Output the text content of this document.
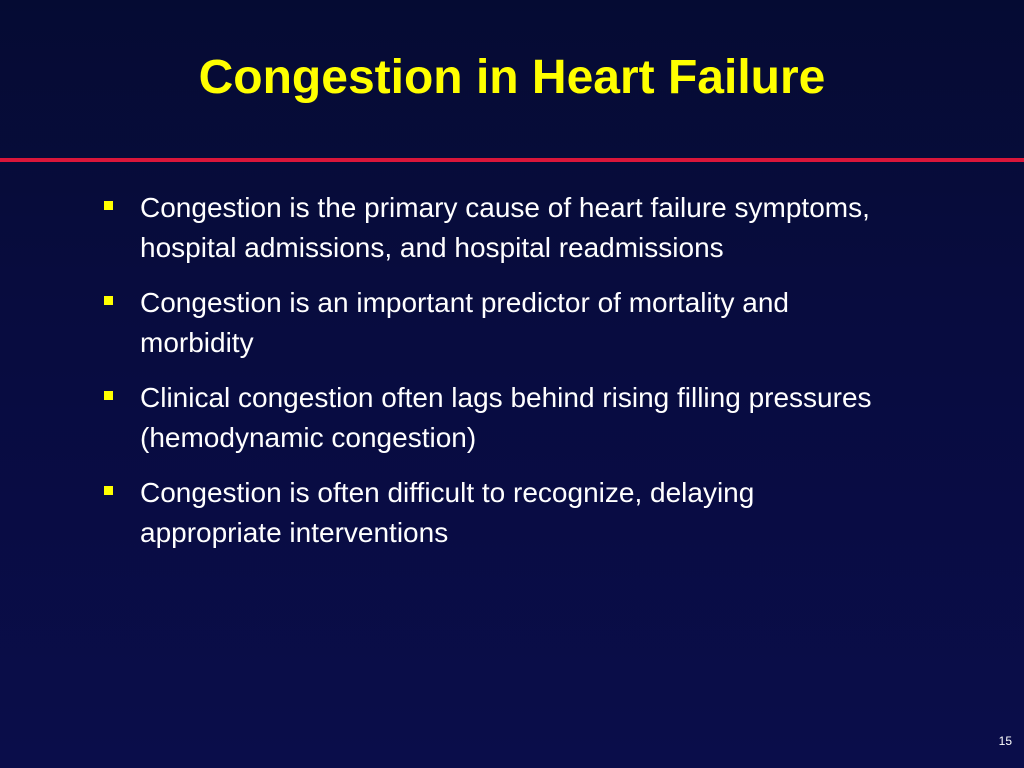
Congestion in Heart Failure
Congestion is the primary cause of heart failure symptoms, hospital admissions, and hospital readmissions
Congestion is an important predictor of mortality and morbidity
Clinical congestion often lags behind rising filling pressures (hemodynamic congestion)
Congestion is often difficult to recognize, delaying appropriate interventions
15
